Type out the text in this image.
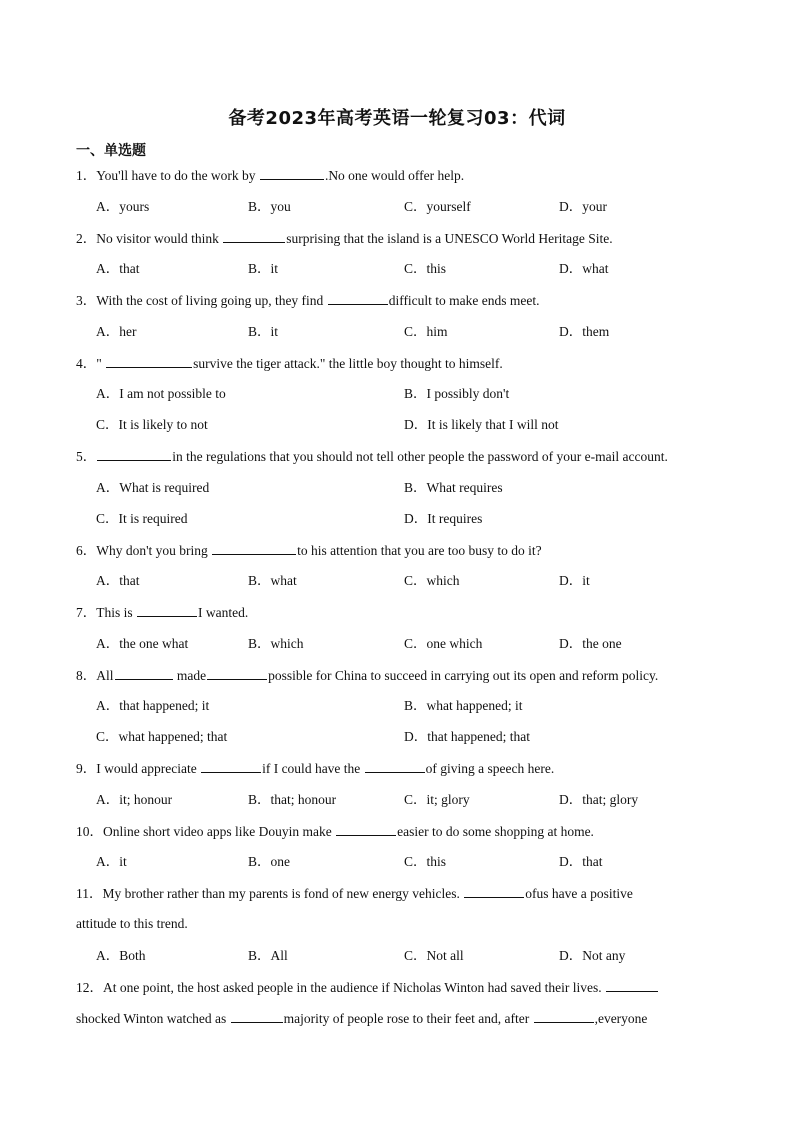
备考2023年高考英语一轮复习03：代词
一、单选题
1．You'll have to do the work by	.No one would offer help.
A．yours	B．you	C．yourself	D．your
2．No visitor would think	surprising that the island is a UNESCO World Heritage Site.
A．that	B．it	C．this	D．what
3．With the cost of living going up, they find	difficult to make ends meet.
A．her	B．it	C．him	D．them
4．"	survive the tiger attack." the little boy thought to himself.
A．I am not possible to	B．I possibly don't
C．It is likely to not	D．It is likely that I will not
5．	in the regulations that you should not tell other people the password of your e-mail account.
A．What is required	B．What requires
C．It is required	D．It requires
6．Why don't you bring	to his attention that you are too busy to do it?
A．that	B．what	C．which	D．it
7．This is	I wanted.
A．the one what	B．which	C．one which	D．the one
8．All	made	possible for China to succeed in carrying out its open and reform policy.
A．that happened; it	B．what happened; it
C．what happened; that	D．that happened; that
9．I would appreciate	if I could have the	of giving a speech here.
A．it; honour	B．that; honour	C．it; glory	D．that; glory
10．Online short video apps like Douyin make	easier to do some shopping at home.
A．it	B．one	C．this	D．that
11．My brother rather than my parents is fond of new energy vehicles.	ofus have a positive
attitude to this trend.
A．Both	B．All	C．Not all	D．Not any
12．At one point, the host asked people in the audience if Nicholas Winton had saved their lives.
shocked Winton watched as	majority of people rose to their feet and, after	,everyone
